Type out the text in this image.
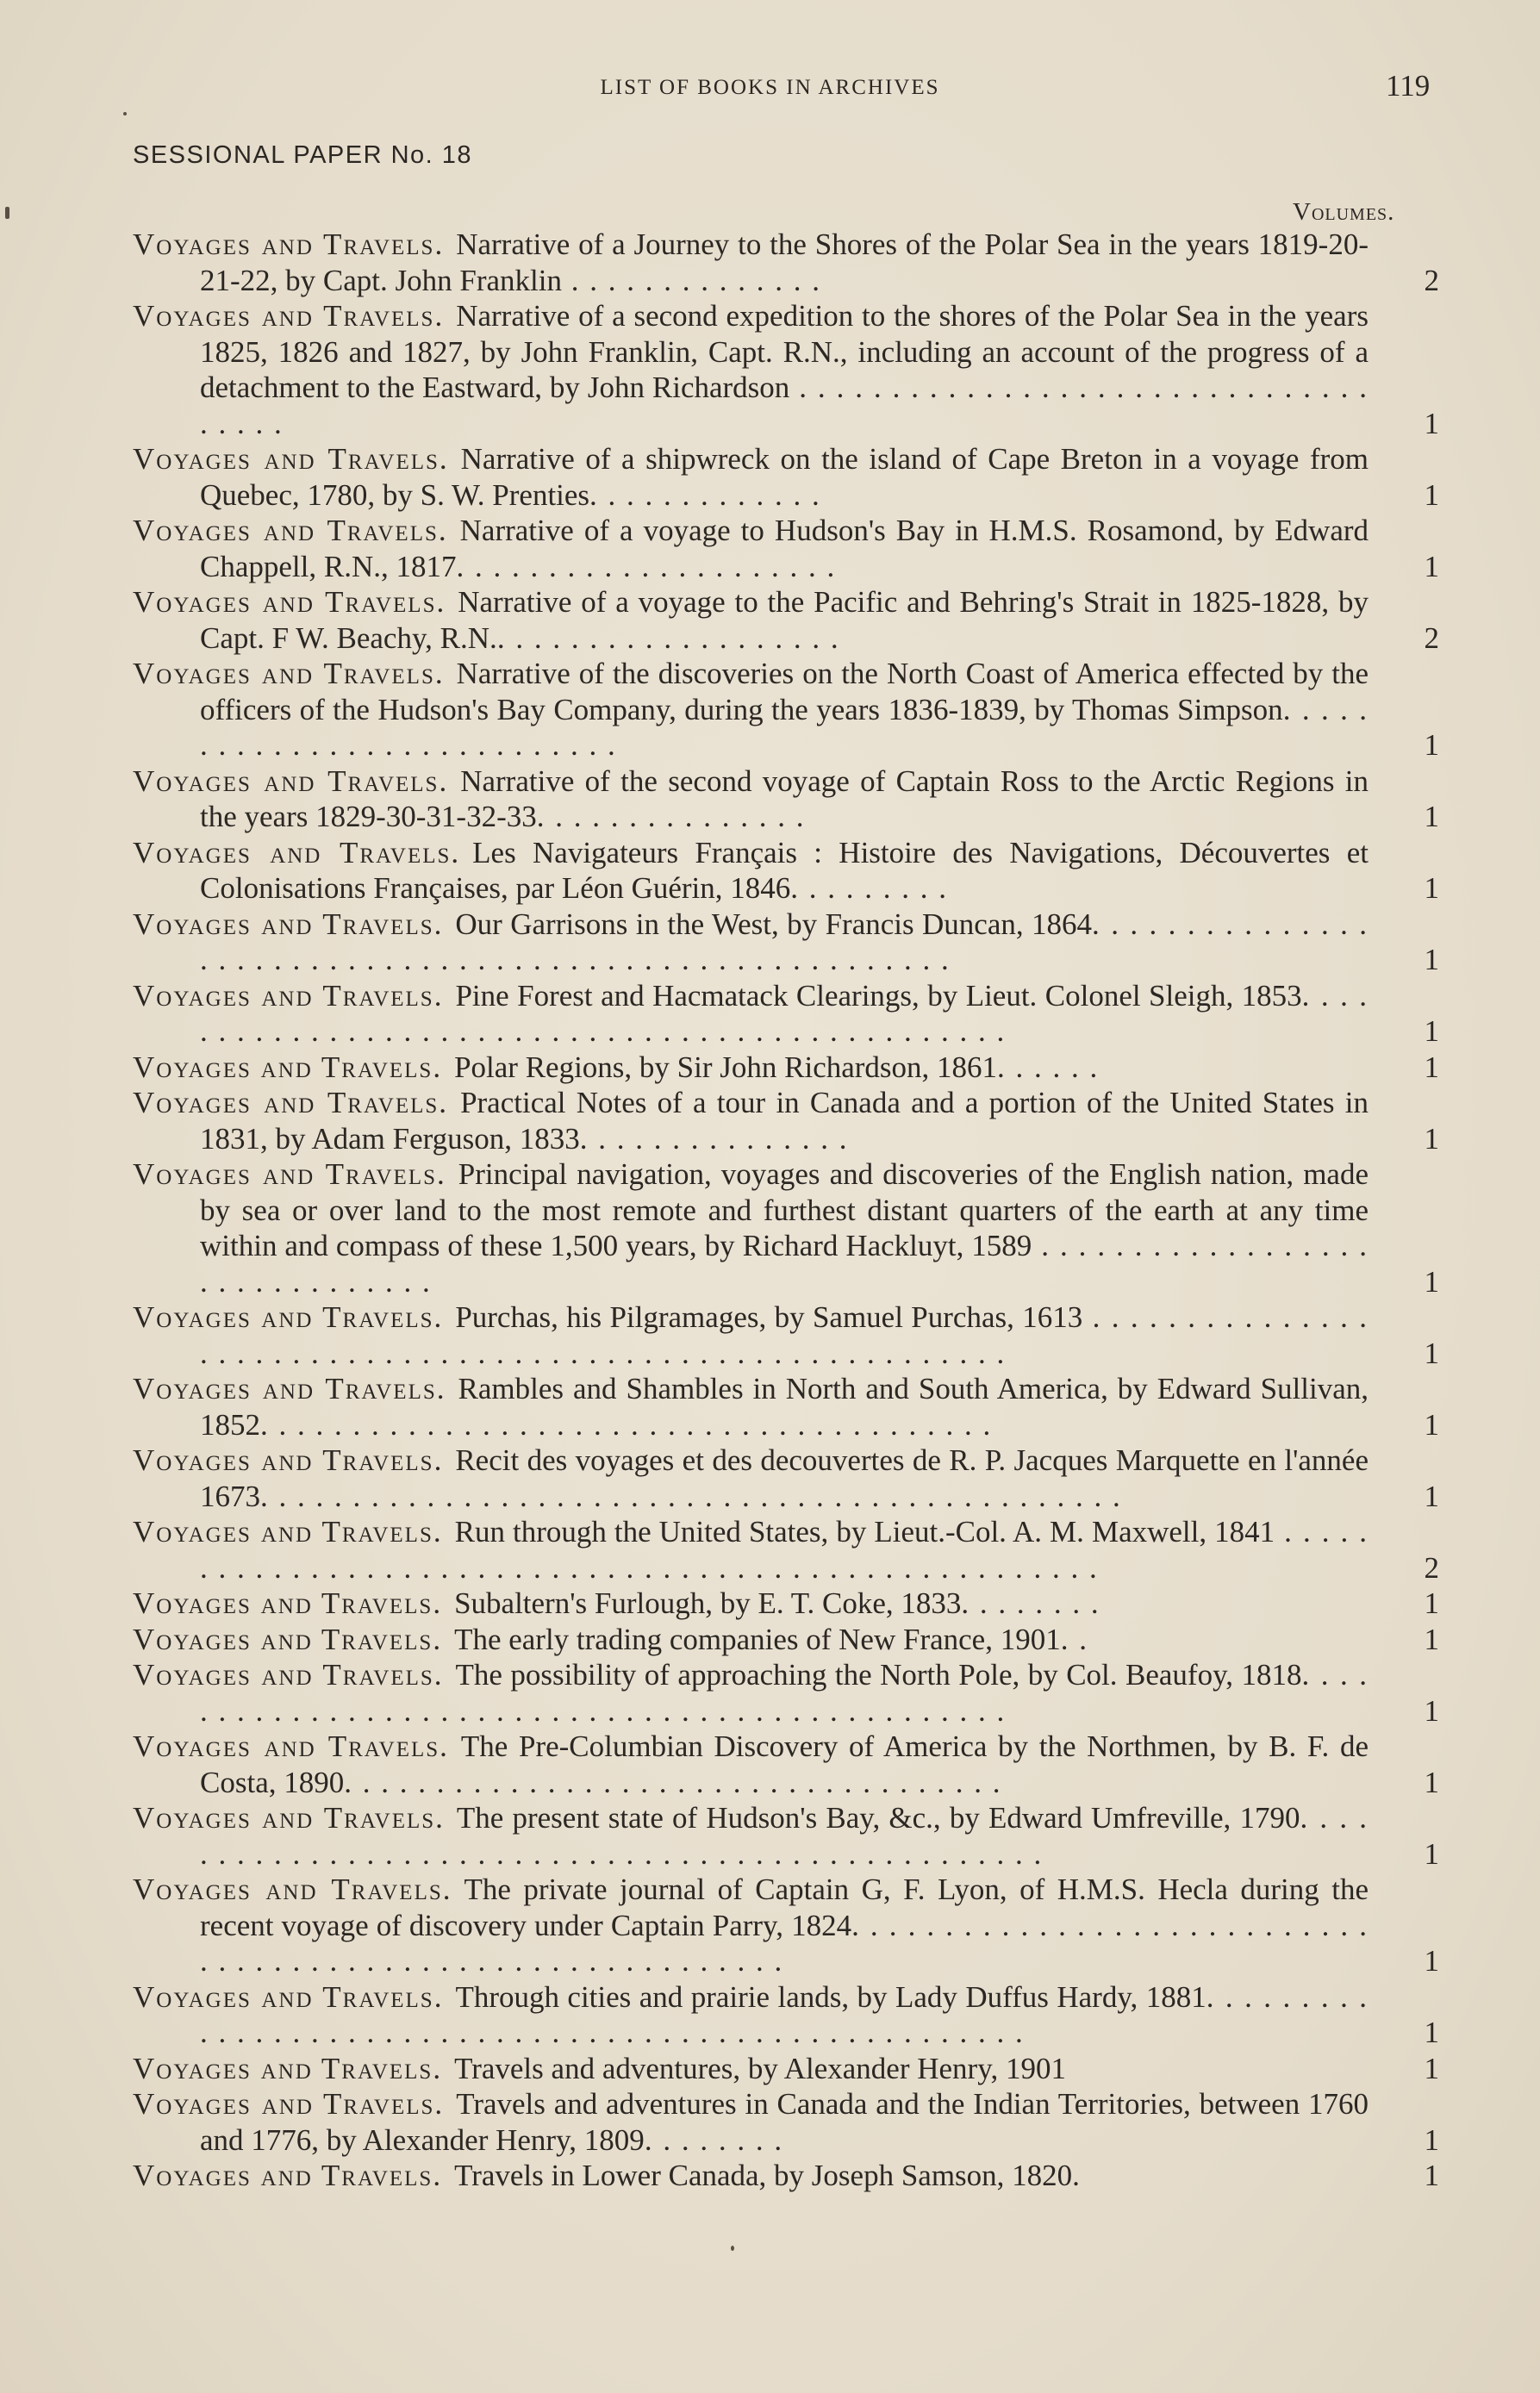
LIST OF BOOKS IN ARCHIVES	119
SESSIONAL PAPER No. 18
Volumes.
Voyages and Travels. Narrative of a Journey to the Shores of the Polar Sea in the years 1819-20-21-22, by Capt. John Franklin . . . . . . . . . . . . . .	2
Voyages and Travels. Narrative of a second expedition to the shores of the Polar Sea in the years 1825, 1826 and 1827, by John Franklin, Capt. R.N., including an account of the progress of a detachment to the Eastward, by John Richardson . . . . . . . . . . . . . . . . . . . . . . . . . . . . . . . . . . . .	1
Voyages and Travels. Narrative of a shipwreck on the island of Cape Breton in a voyage from Quebec, 1780, by S. W. Prenties. . . . . . . . . . . . .	1
Voyages and Travels. Narrative of a voyage to Hudson's Bay in H.M.S. Rosamond, by Edward Chappell, R.N., 1817. . . . . . . . . . . . . . . . . . . . .	1
Voyages and Travels. Narrative of a voyage to the Pacific and Behring's Strait in 1825-1828, by Capt. F W. Beachy, R.N.. . . . . . . . . . . . . . . . . . .	2
Voyages and Travels. Narrative of the discoveries on the North Coast of America effected by the officers of the Hudson's Bay Company, during the years 1836-1839, by Thomas Simpson. . . . . . . . . . . . . . . . . . . . . . . . . . . .	1
Voyages and Travels. Narrative of the second voyage of Captain Ross to the Arctic Regions in the years 1829-30-31-32-33. . . . . . . . . . . . . . .	1
Voyages and Travels. Les Navigateurs Français : Histoire des Navigations, Découvertes et Colonisations Françaises, par Léon Guérin, 1846. . . . . . . . .	1
Voyages and Travels. Our Garrisons in the West, by Francis Duncan, 1864. . . . . . . . . . . . . . . . . . . . . . . . . . . . . . . . . . . . . . . . . . . . . . . . . . . . . . . .	1
Voyages and Travels. Pine Forest and Hacmatack Clearings, by Lieut. Colonel Sleigh, 1853. . . . . . . . . . . . . . . . . . . . . . . . . . . . . . . . . . . . . . . . . . . . . . . .	1
Voyages and Travels. Polar Regions, by Sir John Richardson, 1861. . . . . .	1
Voyages and Travels. Practical Notes of a tour in Canada and a portion of the United States in 1831, by Adam Ferguson, 1833. . . . . . . . . . . . . . .	1
Voyages and Travels. Principal navigation, voyages and discoveries of the English nation, made by sea or over land to the most remote and furthest distant quarters of the earth at any time within and compass of these 1,500 years, by Richard Hackluyt, 1589 . . . . . . . . . . . . . . . . . . . . . . . . . . . . . . .	1
Voyages and Travels. Purchas, his Pilgramages, by Samuel Purchas, 1613 . . . . . . . . . . . . . . . . . . . . . . . . . . . . . . . . . . . . . . . . . . . . . . . . . . . . . . . . . . .	1
Voyages and Travels. Rambles and Shambles in North and South America, by Edward Sullivan, 1852. . . . . . . . . . . . . . . . . . . . . . . . . . . . . . . . . . . . . . . .	1
Voyages and Travels. Recit des voyages et des decouvertes de R. P. Jacques Marquette en l'année 1673. . . . . . . . . . . . . . . . . . . . . . . . . . . . . . . . . . . . . . . . . . . . . . .	1
Voyages and Travels. Run through the United States, by Lieut.-Col. A. M. Maxwell, 1841 . . . . . . . . . . . . . . . . . . . . . . . . . . . . . . . . . . . . . . . . . . . . . . . . . . . . . .	2
Voyages and Travels. Subaltern's Furlough, by E. T. Coke, 1833. . . . . . . .	1
Voyages and Travels. The early trading companies of New France, 1901. .	1
Voyages and Travels. The possibility of approaching the North Pole, by Col. Beaufoy, 1818. . . . . . . . . . . . . . . . . . . . . . . . . . . . . . . . . . . . . . . . . . . . . . . .	1
Voyages and Travels. The Pre-Columbian Discovery of America by the Northmen, by B. F. de Costa, 1890. . . . . . . . . . . . . . . . . . . . . . . . . . . . . . . . . . . .	1
Voyages and Travels. The present state of Hudson's Bay, &c., by Edward Umfreville, 1790. . . . . . . . . . . . . . . . . . . . . . . . . . . . . . . . . . . . . . . . . . . . . . . . . .	1
Voyages and Travels. The private journal of Captain G, F. Lyon, of H.M.S. Hecla during the recent voyage of discovery under Captain Parry, 1824. . . . . . . . . . . . . . . . . . . . . . . . . . . . . . . . . . . . . . . . . . . . . . . . . . . . . . . . . . . .	1
Voyages and Travels. Through cities and prairie lands, by Lady Duffus Hardy, 1881. . . . . . . . . . . . . . . . . . . . . . . . . . . . . . . . . . . . . . . . . . . . . . . . . . . . . .	1
Voyages and Travels. Travels and adventures, by Alexander Henry, 1901	1
Voyages and Travels. Travels and adventures in Canada and the Indian Territories, between 1760 and 1776, by Alexander Henry, 1809. . . . . . . .	1
Voyages and Travels. Travels in Lower Canada, by Joseph Samson, 1820.	1
